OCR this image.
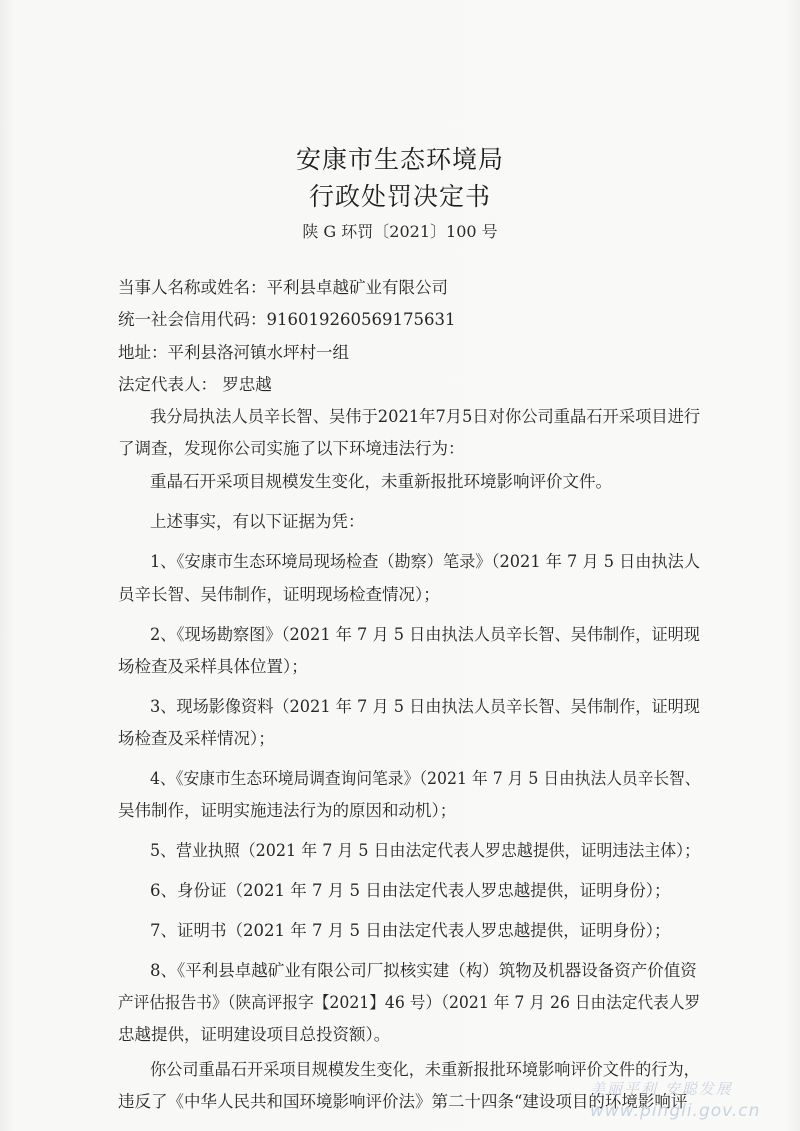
安康市生态环境局
行政处罚决定书
陕 G 环罚〔2021〕100 号
当事人名称或姓名：平利县卓越矿业有限公司
统一社会信用代码：916019260569175631
地址：平利县洛河镇水坪村一组
法定代表人： 罗忠越
我分局执法人员辛长智、吴伟于2021年7月5日对你公司重晶石开采项目进行
了调查，发现你公司实施了以下环境违法行为：
重晶石开采项目规模发生变化，未重新报批环境影响评价文件。
上述事实，有以下证据为凭：
1、《安康市生态环境局现场检查（勘察）笔录》（2021 年 7 月 5 日由执法人
员辛长智、吴伟制作，证明现场检查情况）；
2、《现场勘察图》（2021 年 7 月 5 日由执法人员辛长智、吴伟制作，证明现
场检查及采样具体位置）；
3、现场影像资料（2021 年 7 月 5 日由执法人员辛长智、吴伟制作，证明现
场检查及采样情况）；
4、《安康市生态环境局调查询问笔录》（2021 年 7 月 5 日由执法人员辛长智、
吴伟制作，证明实施违法行为的原因和动机）；
5、营业执照（2021 年 7 月 5 日由法定代表人罗忠越提供，证明违法主体）；
6、身份证（2021 年 7 月 5 日由法定代表人罗忠越提供，证明身份）；
7、证明书（2021 年 7 月 5 日由法定代表人罗忠越提供，证明身份）；
8、《平利县卓越矿业有限公司厂拟核实建（构）筑物及机器设备资产价值资
产评估报告书》（陕高评报字【2021】46 号）（2021 年 7 月 26 日由法定代表人罗
忠越提供，证明建设项目总投资额）。
你公司重晶石开采项目规模发生变化，未重新报批环境影响评价文件的行为，
违反了《中华人民共和国环境影响评价法》第二十四条“建设项目的环境影响评
美丽平利 安聪发展
www.pingli.gov.cn
